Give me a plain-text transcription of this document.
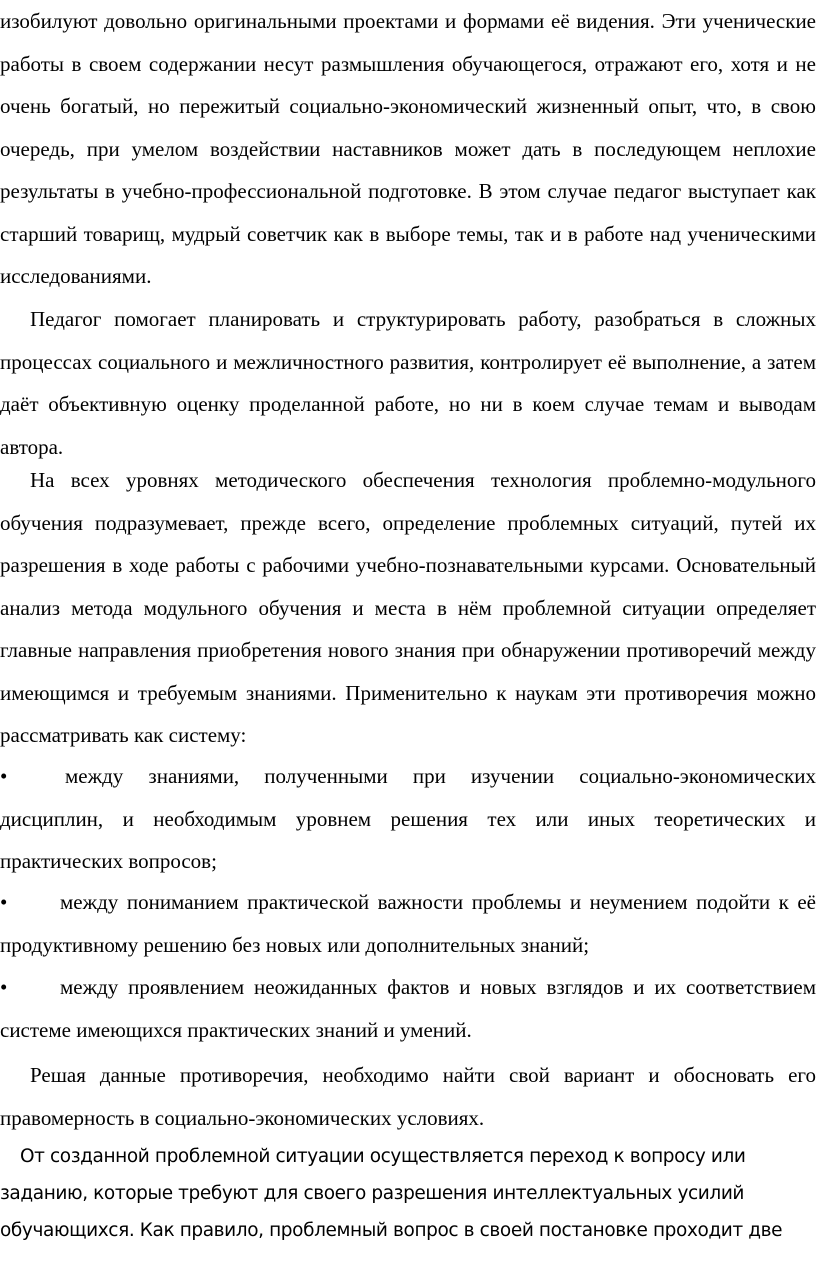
изобилуют довольно оригинальными проектами и формами её видения. Эти ученические работы в своем содержании несут размышления обучающегося, отражают его, хотя и не очень богатый, но пережитый социально-экономический жизненный опыт, что, в свою очередь, при умелом воздействии наставников может дать в последующем неплохие результаты в учебно-профессиональной подготовке. В этом случае педагог выступает как старший товарищ, мудрый советчик как в выборе темы, так и в работе над ученическими исследованиями.

Педагог помогает планировать и структурировать работу, разобраться в сложных процессах социального и межличностного развития, контролирует её выполнение, а затем даёт объективную оценку проделанной работе, но ни в коем случае темам и выводам автора.

На всех уровнях методического обеспечения технология проблемно-модульного обучения подразумевает, прежде всего, определение проблемных ситуаций, путей их разрешения в ходе работы с рабочими учебно-познавательными курсами. Основательный анализ метода модульного обучения и места в нём проблемной ситуации определяет главные направления приобретения нового знания при обнаружении противоречий между имеющимся и требуемым знаниями. Применительно к наукам эти противоречия можно рассматривать как систему:

•	между знаниями, полученными при изучении социально-экономических дисциплин, и необходимым уровнем решения тех или иных теоретических и практических вопросов;

•	между пониманием практической важности проблемы и неумением подойти к её продуктивному решению без новых или дополнительных знаний;

•	между проявлением неожиданных фактов и новых взглядов и их соответствием системе имеющихся практических знаний и умений.

Решая данные противоречия, необходимо найти свой вариант и обосновать его правомерность в социально-экономических условиях.

От созданной проблемной ситуации осуществляется переход к вопросу или заданию, которые требуют для своего разрешения интеллектуальных усилий обучающихся. Как правило, проблемный вопрос в своей постановке проходит две
